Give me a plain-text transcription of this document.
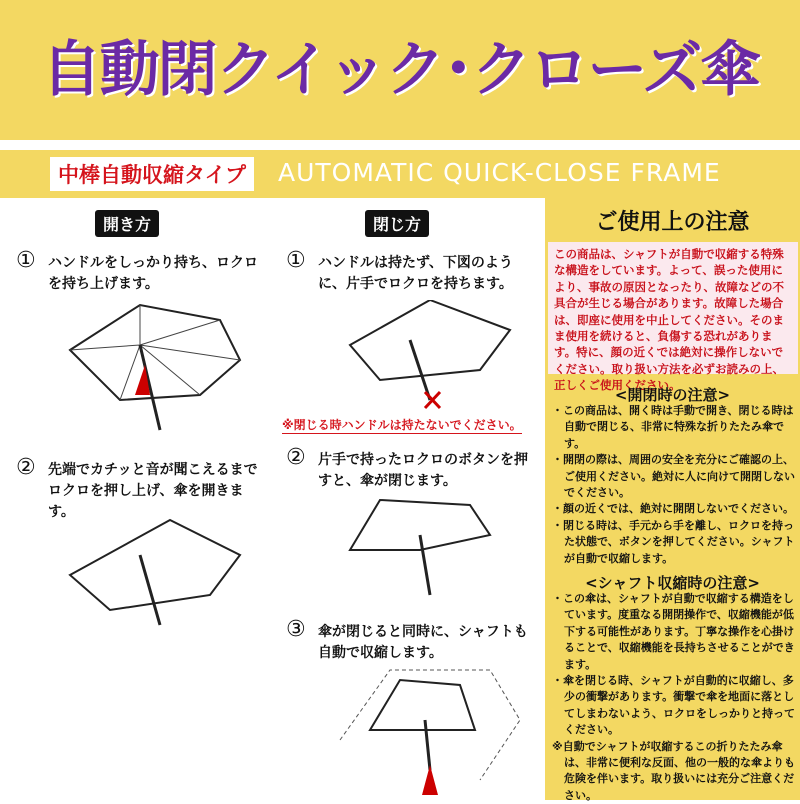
自動閉クイック･クローズ傘
中棒自動収縮タイプ	AUTOMATIC QUICK-CLOSE FRAME
開き方	閉じ方
① ハンドルをしっかり持ち、ロクロを持ち上げます。
② 先端でカチッと音が聞こえるまでロクロを押し上げ、傘を開きます。
① ハンドルは持たず、下図のように、片手でロクロを持ちます。
② 片手で持ったロクロのボタンを押すと、傘が閉じます。
③ 傘が閉じると同時に、シャフトも自動で収縮します。
※閉じる時ハンドルは持たないでください。
ご使用上の注意
この商品は、シャフトが自動で収縮する特殊な構造をしています。よって、誤った使用により、事故の原因となったり、故障などの不具合が生じる場合があります。故障した場合は、即座に使用を中止してください。そのまま使用を続けると、負傷する恐れがあります。特に、顔の近くでは絶対に操作しないでください。取り扱い方法を必ずお読みの上、正しくご使用ください。
<開閉時の注意>
・この商品は、開く時は手動で開き、閉じる時は自動で閉じる、非常に特殊な折りたたみ傘です。
・開閉の際は、周囲の安全を充分にご確認の上、ご使用ください。絶対に人に向けて開閉しないでください。
・顔の近くでは、絶対に開閉しないでください。
・閉じる時は、手元から手を離し、ロクロを持った状態で、ボタンを押してください。シャフトが自動で収縮します。
<シャフト収縮時の注意>
・この傘は、シャフトが自動で収縮する構造をしています。度重なる開閉操作で、収縮機能が低下する可能性があります。丁寧な操作を心掛けることで、収縮機能を長持ちさせることができます。
・傘を閉じる時、シャフトが自動的に収縮し、多少の衝撃があります。衝撃で傘を地面に落としてしまわないよう、ロクロをしっかりと持ってください。
※自動でシャフトが収縮するこの折りたたみ傘は、非常に便利な反面、他の一般的な傘よりも危険を伴います。取り扱いには充分ご注意ください。
